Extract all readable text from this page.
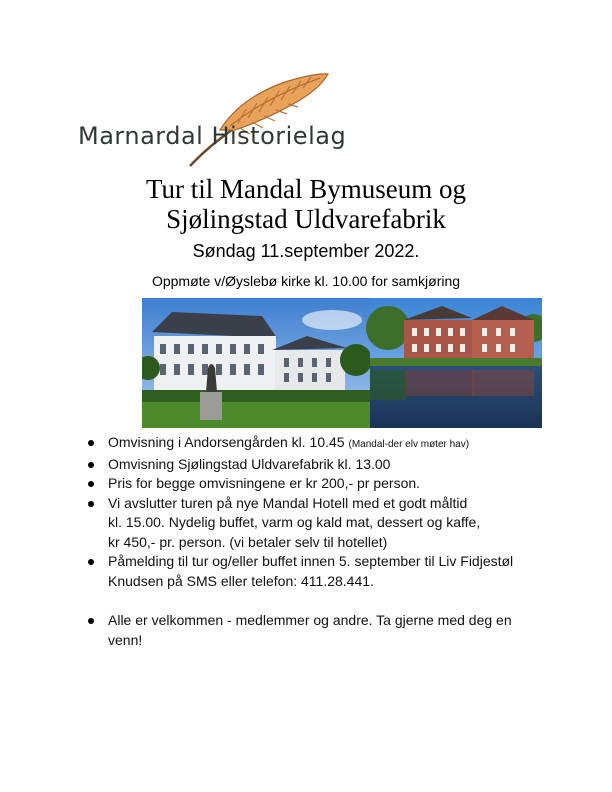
Marnardal Historielag
Tur til Mandal Bymuseum og
Sjølingstad Uldvarefabrik
Søndag 11.september 2022.
Oppmøte v/Øyslebø kirke kl. 10.00 for samkjøring
Omvisning i Andorsengården kl. 10.45 (Mandal-der elv møter hav)
Omvisning Sjølingstad Uldvarefabrik kl. 13.00
Pris for begge omvisningene er kr 200,- pr person.
Vi avslutter turen på nye Mandal Hotell med et godt måltid
kl. 15.00. Nydelig buffet, varm og kald mat, dessert og kaffe,
kr 450,- pr. person. (vi betaler selv til hotellet)
Påmelding til tur og/eller buffet innen 5. september til Liv Fidjestøl
Knudsen på SMS eller telefon: 411.28.441.
Alle er velkommen - medlemmer og andre. Ta gjerne med deg en
venn!
